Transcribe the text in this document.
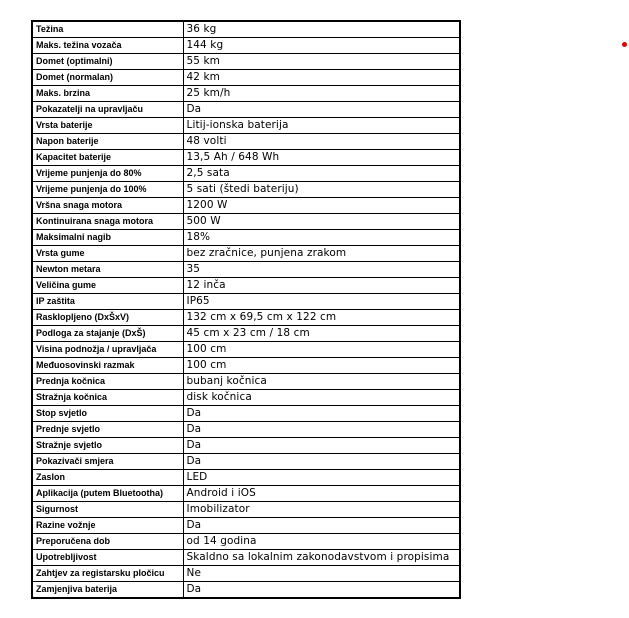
Težina	36 kg
Maks. težina vozača	144 kg
Domet (optimalni)	55 km
Domet (normalan)	42 km
Maks. brzina	25 km/h
Pokazatelji na upravljaču	Da
Vrsta baterije	Litij-ionska baterija
Napon baterije	48 volti
Kapacitet baterije	13,5 Ah / 648 Wh
Vrijeme punjenja do 80%	2,5 sata
Vrijeme punjenja do 100%	5 sati (štedi bateriju)
Vršna snaga motora	1200 W
Kontinuirana snaga motora	500 W
Maksimalni nagib	18%
Vrsta gume	bez zračnice, punjena zrakom
Newton metara	35
Veličina gume	12 inča
IP zaštita	IP65
Rasklopljeno (DxŠxV)	132 cm x 69,5 cm x 122 cm
Podloga za stajanje (DxŠ)	45 cm x 23 cm / 18 cm
Visina podnožja / upravljača	100 cm
Međuosovinski razmak	100 cm
Prednja kočnica	bubanj kočnica
Stražnja kočnica	disk kočnica
Stop svjetlo	Da
Prednje svjetlo	Da
Stražnje svjetlo	Da
Pokazivači smjera	Da
Zaslon	LED
Aplikacija (putem Bluetootha)	Android i iOS
Sigurnost	Imobilizator
Razine vožnje	Da
Preporučena dob	od 14 godina
Upotrebljivost	Skaldno sa lokalnim zakonodavstvom i propisima
Zahtjev za registarsku pločicu	Ne
Zamjenjiva baterija	Da
